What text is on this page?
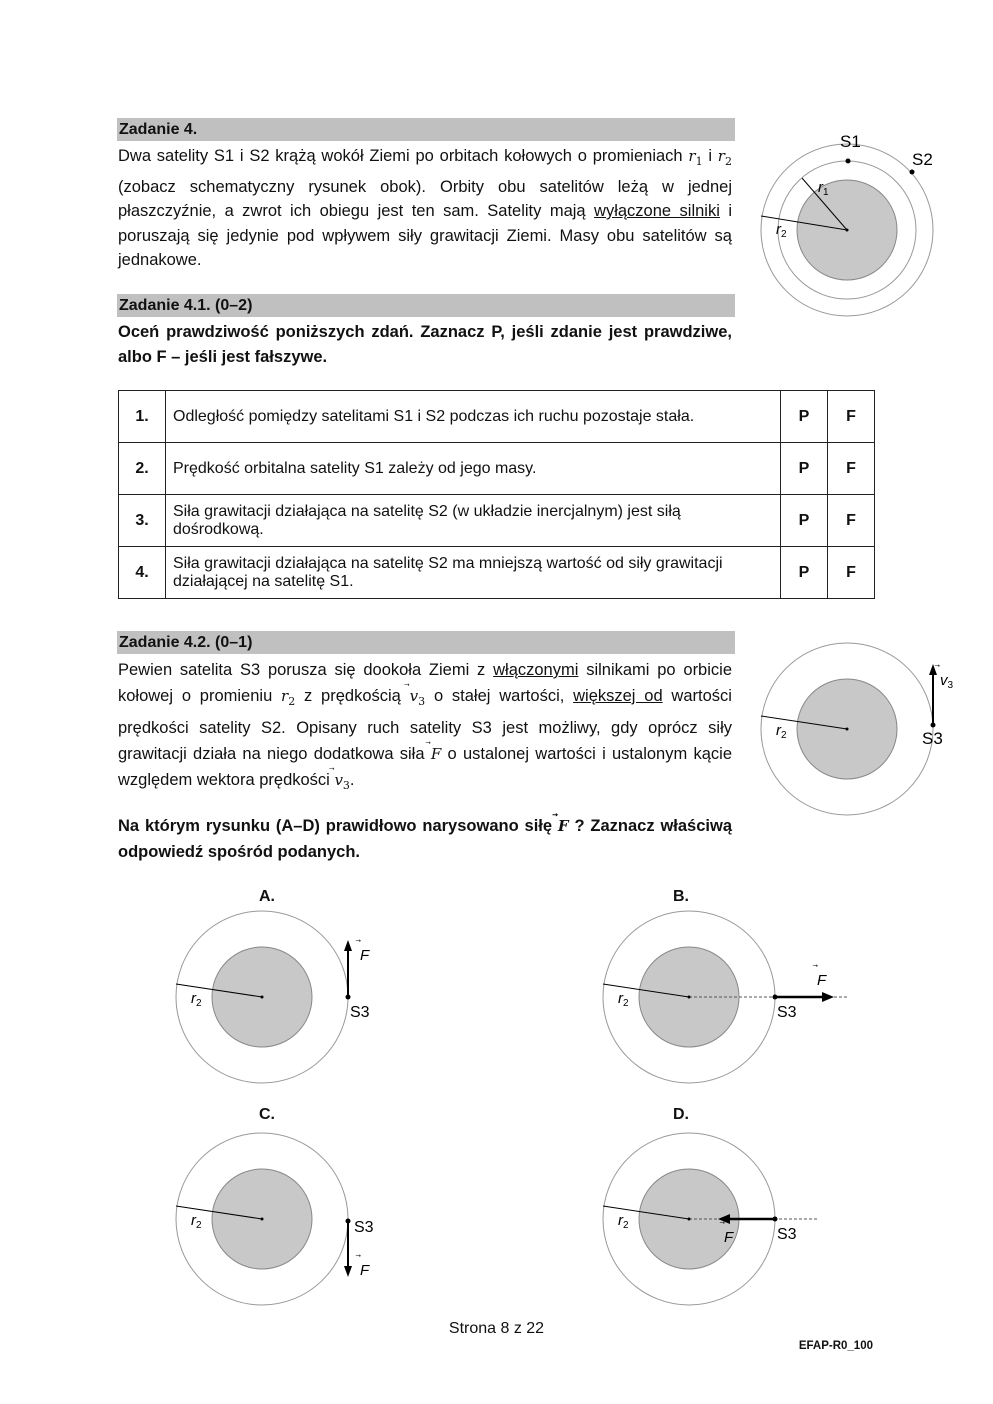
Zadanie 4.
Dwa satelity S1 i S2 krążą wokół Ziemi po orbitach kołowych o promieniach $r_1$ i $r_2$ (zobacz schematyczny rysunek obok). Orbity obu satelitów leżą w jednej płaszczyźnie, a zwrot ich obiegu jest ten sam. Satelity mają wyłączone silniki i poruszają się jedynie pod wpływem siły grawitacji Ziemi. Masy obu satelitów są jednakowe.
S1
S2
$r_1$
$r_2$
Zadanie 4.1. (0–2)
Oceń prawdziwość poniższych zdań. Zaznacz P, jeśli zdanie jest prawdziwe, albo F – jeśli jest fałszywe.
1.	Odległość pomiędzy satelitami S1 i S2 podczas ich ruchu pozostaje stała.	P	F
2.	Prędkość orbitalna satelity S1 zależy od jego masy.	P	F
3.	Siła grawitacji działająca na satelitę S2 (w układzie inercjalnym) jest siłą dośrodkową.	P	F
4.	Siła grawitacji działająca na satelitę S2 ma mniejszą wartość od siły grawitacji działającej na satelitę S1.	P	F
Zadanie 4.2. (0–1)
Pewien satelita S3 porusza się dookoła Ziemi z włączonymi silnikami po orbicie kołowej o promieniu $r_2$ z prędkością $v_3$ o stałej wartości, większej od wartości prędkości satelity S2. Opisany ruch satelity S3 jest możliwy, gdy oprócz siły grawitacji działa na niego dodatkowa siła F o ustalonej wartości i ustalonym kącie względem wektora prędkości $v_3$.
$r_2$	S3
$v_3$
Na którym rysunku (A–D) prawidłowo narysowano siłę F ? Zaznacz właściwą odpowiedź spośród podanych.
A.	B.
C.	D.
$r_2$
S3
F
$r_2$
S3
F
$r_2$	S3
F
$r_2$
S3
F
Strona 8 z 22
EFAP-R0_100
